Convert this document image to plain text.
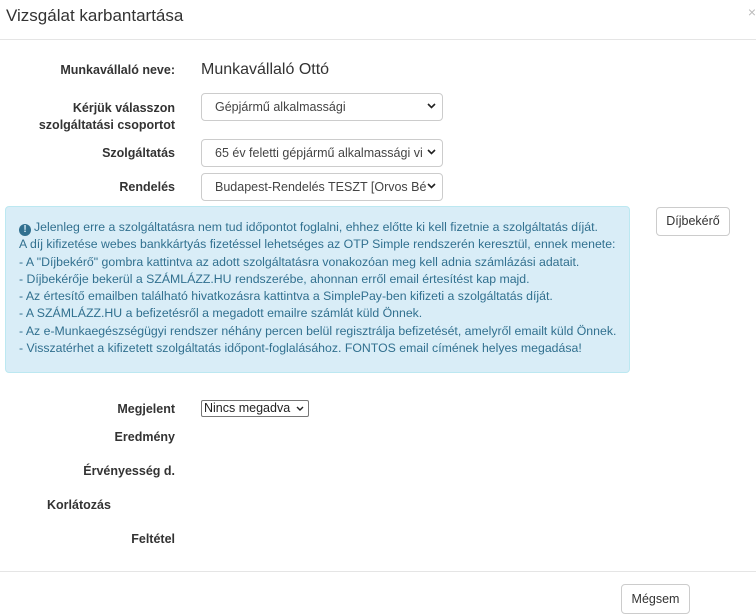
Vizsgálat karbantartása	×
Munkavállaló neve: Munkavállaló Ottó
Kérjük válasszon
szolgáltatási csoportot
Gépjármű alkalmassági
Szolgáltatás	65 év feletti gépjármű alkalmassági vi
Rendelés	Budapest-Rendelés TESZT [Orvos Bé
Díjbekérő
! Jelenleg erre a szolgáltatásra nem tud időpontot foglalni, ehhez előtte ki kell fizetnie a szolgáltatás díját.
A díj kifizetése webes bankkártyás fizetéssel lehetséges az OTP Simple rendszerén keresztül, ennek menete:
- A "Díjbekérő" gombra kattintva az adott szolgáltatásra vonakozóan meg kell adnia számlázási adatait.
- Díjbekérője bekerül a SZÁMLÁZZ.HU rendszerébe, ahonnan erről email értesítést kap majd.
- Az értesítő emailben található hivatkozásra kattintva a SimplePay-ben kifizeti a szolgáltatás díját.
- A SZÁMLÁZZ.HU a befizetésről a megadott emailre számlát küld Önnek.
- Az e-Munkaegészségügyi rendszer néhány percen belül regisztrálja befizetését, amelyről emailt küld Önnek.
- Visszatérhet a kifizetett szolgáltatás időpont-foglalásához. FONTOS email címének helyes megadása!
Megjelent Nincs megadva
Eredmény
Érvényesség d.
Korlátozás
Feltétel
Mégsem
